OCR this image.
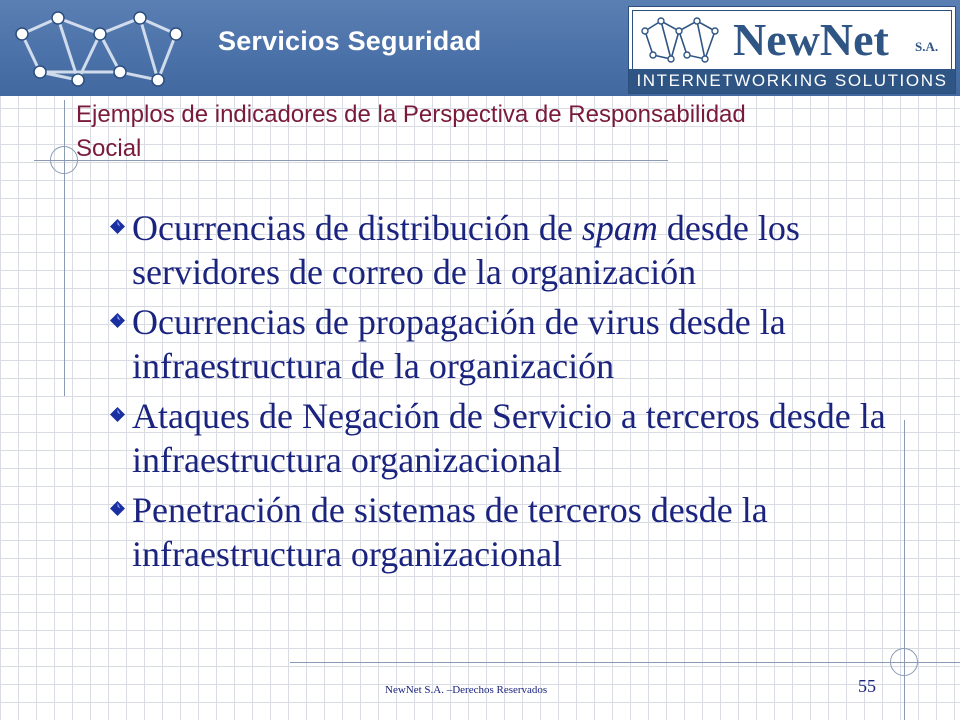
Servicios Seguridad	NewNet S.A.
INTERNETWORKING SOLUTIONS
Ejemplos de indicadores de la Perspectiva de Responsabilidad Social
Ocurrencias de distribución de spam desde los servidores de correo de la organización
Ocurrencias de propagación de virus desde la infraestructura de la organización
Ataques de Negación de Servicio a terceros desde la infraestructura organizacional
Penetración de sistemas de terceros desde la infraestructura organizacional
NewNet S.A. –Derechos Reservados	55
